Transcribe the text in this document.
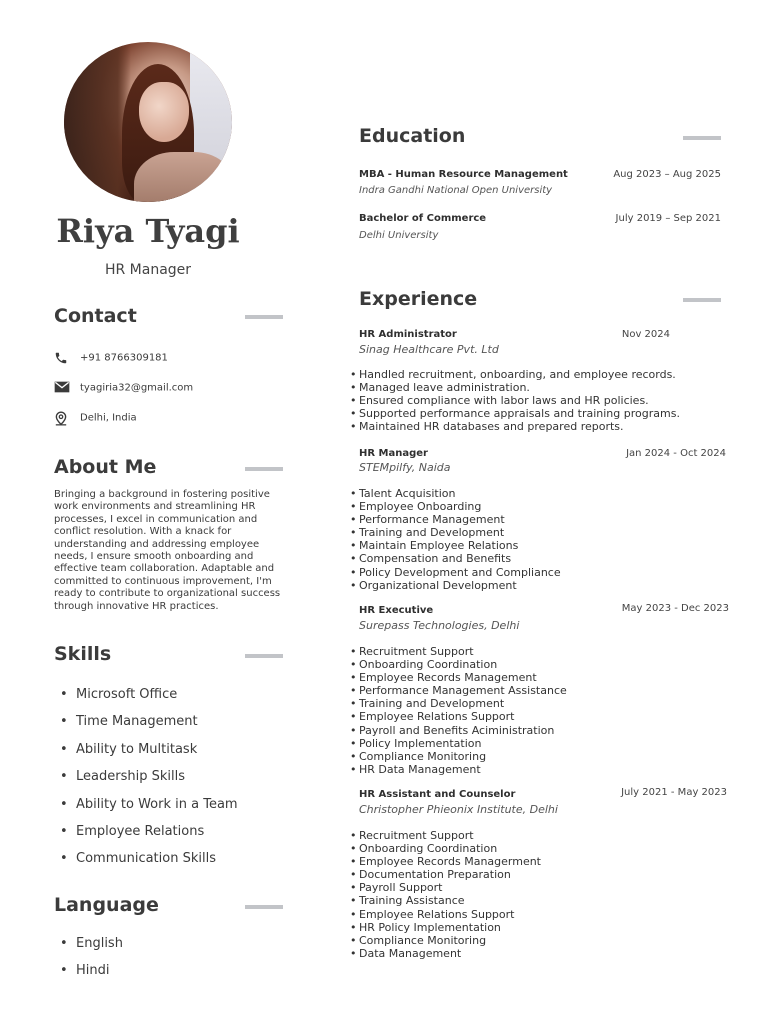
Riya Tyagi
HR Manager
Contact
+91 8766309181
tyagiria32@gmail.com
Delhi, India
About Me
Bringing a background in fostering positive work environments and streamlining HR processes, I excel in communication and conflict resolution. With a knack for understanding and addressing employee needs, I ensure smooth onboarding and effective team collaboration. Adaptable and committed to continuous improvement, I'm ready to contribute to organizational success through innovative HR practices.
Skills
• Microsoft Office
• Time Management
• Ability to Multitask
• Leadership Skills
• Ability to Work in a Team
• Employee Relations
• Communication Skills
Language
• English
• Hindi
Education
MBA - Human Resource Management	Aug 2023 – Aug 2025
Indra Gandhi National Open University
Bachelor of Commerce	July 2019 – Sep 2021
Delhi University
Experience
HR Administrator	Nov 2024
Sinag Healthcare Pvt. Ltd
• Handled recruitment, onboarding, and employee records.
• Managed leave administration.
• Ensured compliance with labor laws and HR policies.
• Supported performance appraisals and training programs.
• Maintained HR databases and prepared reports.
HR Manager	Jan 2024 - Oct 2024
STEMpilfy, Naida
• Talent Acquisition
• Employee Onboarding
• Performance Management
• Training and Development
• Maintain Employee Relations
• Compensation and Benefits
• Policy Development and Compliance
• Organizational Development
HR Executive	May 2023 - Dec 2023
Surepass Technologies, Delhi
• Recruitment Support
• Onboarding Coordination
• Employee Records Management
• Performance Management Assistance
• Training and Development
• Employee Relations Support
• Payroll and Benefits Aciministration
• Policy Implementation
• Compliance Monitoring
• HR Data Management
HR Assistant and Counselor	July 2021 - May 2023
Christopher Phieonix Institute, Delhi
• Recruitment Support
• Onboarding Coordination
• Employee Records Managerment
• Documentation Preparation
• Payroll Support
• Training Assistance
• Employee Relations Support
• HR Policy Implementation
• Compliance Monitoring
• Data Management
